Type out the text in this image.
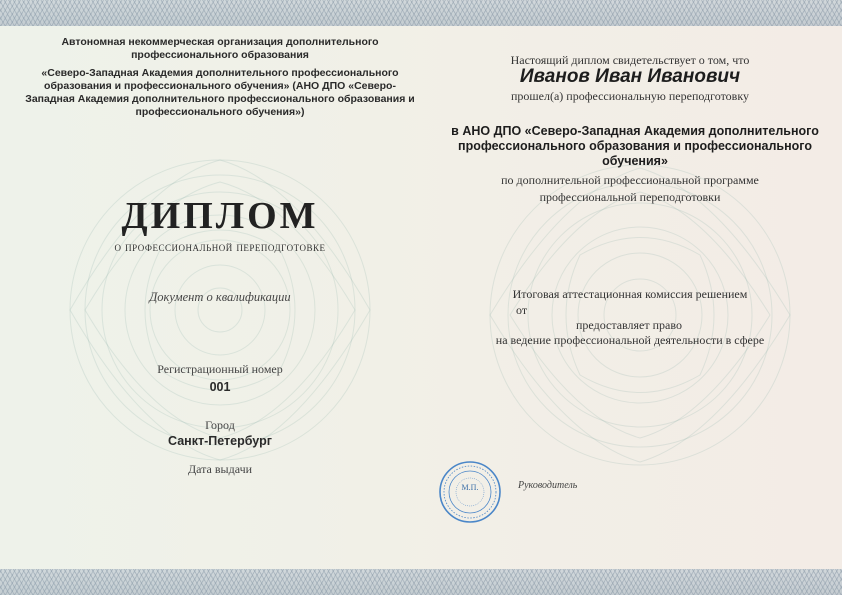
Автономная некоммерческая организация дополнительного профессионального образования
«Северо-Западная Академия дополнительного профессионального образования и профессионального обучения» (АНО ДПО «Северо-Западная Академия дополнительного профессионального образования и профессионального обучения»)
ДИПЛОМ
о профессиональной переподготовке
Документ о квалификации
Регистрационный номер
001
Город
Санкт-Петербург
Дата выдачи
Настоящий диплом свидетельствует о том, что
Иванов Иван Иванович
прошел(а) профессиональную переподготовку
в АНО ДПО «Северо-Западная Академия дополнительного профессионального образования и профессионального обучения»
по дополнительной профессиональной программе
профессиональной переподготовки
Итоговая аттестационная комиссия решением
от
предоставляет право
на ведение профессиональной деятельности в сфере
М.П.	Руководитель
